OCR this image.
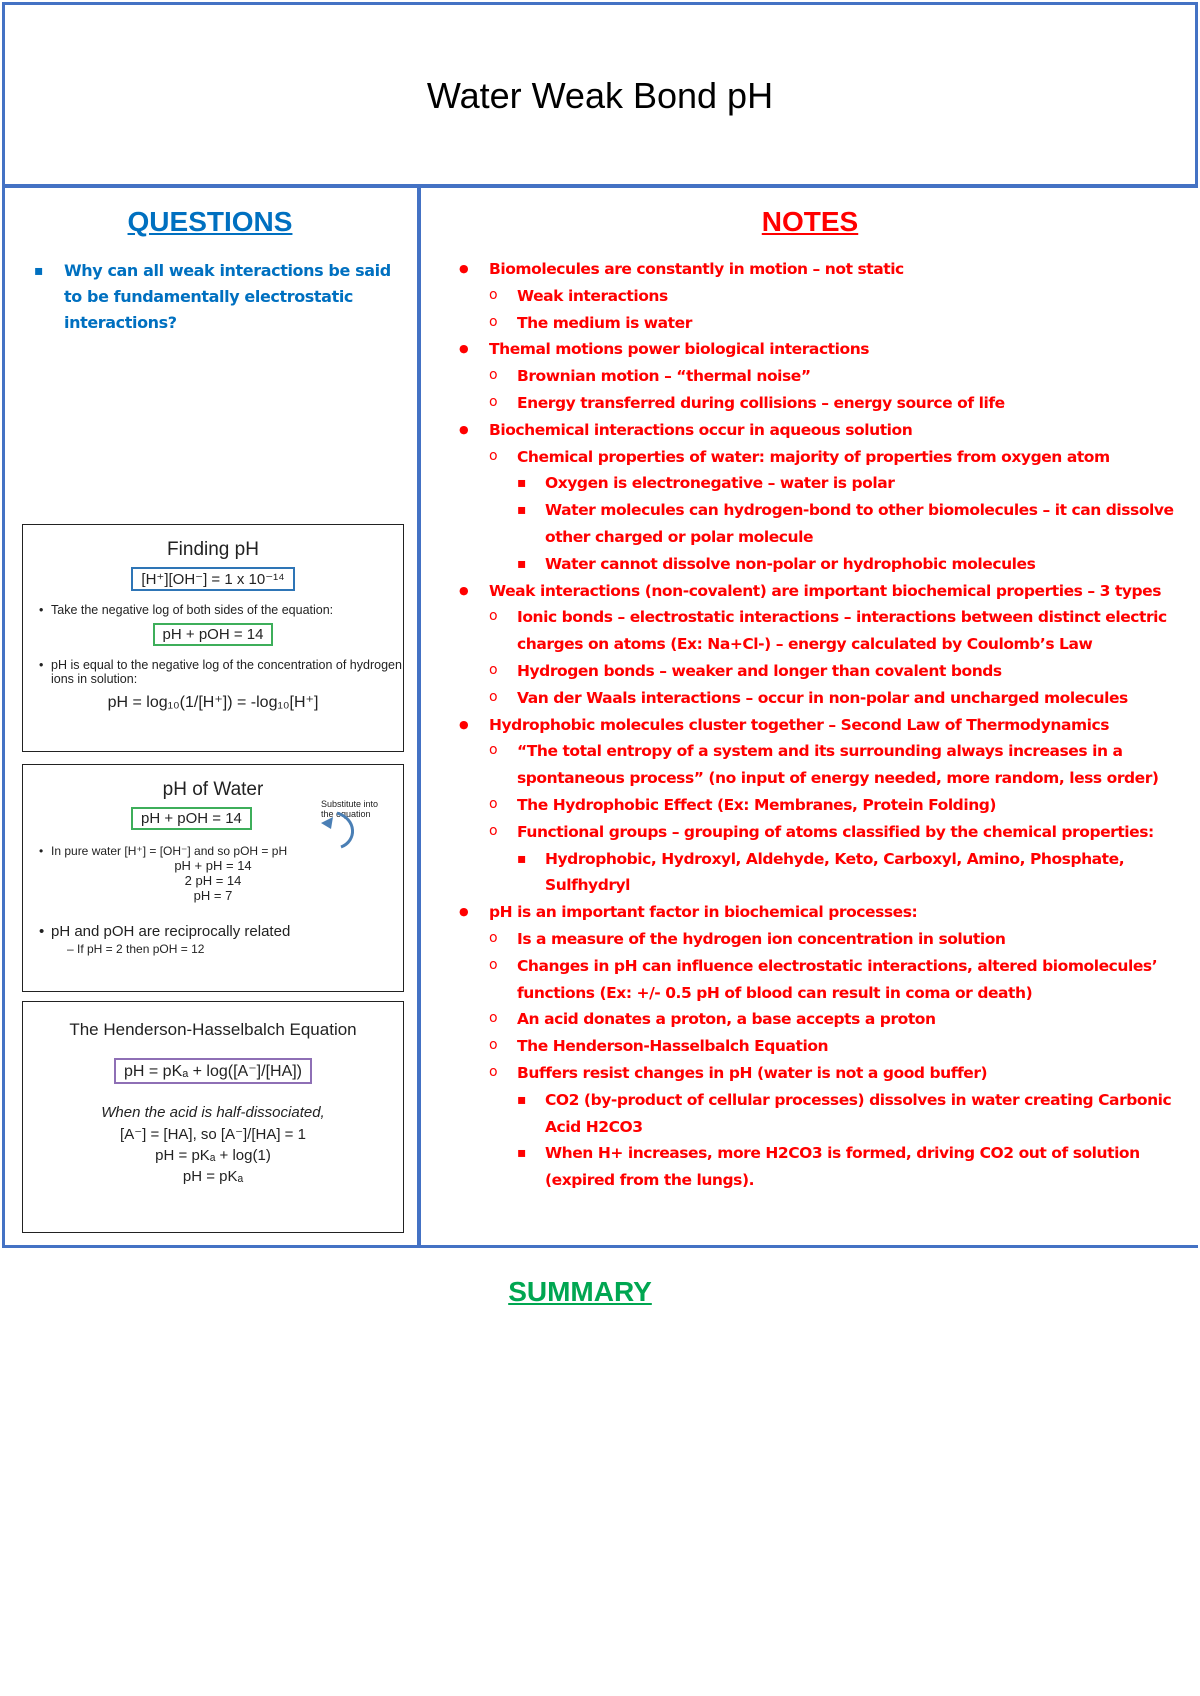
Water Weak Bond pH
QUESTIONS	NOTES
SUMMARY
▪ Why can all weak interactions be said to be fundamentally electrostatic interactions?
● Biomolecules are constantly in motion – not static
o Weak interactions
o The medium is water
● Themal motions power biological interactions
o Brownian motion – “thermal noise”
o Energy transferred during collisions – energy source of life
● Biochemical interactions occur in aqueous solution
o Chemical properties of water: majority of properties from oxygen atom
▪ Oxygen is electronegative – water is polar
▪ Water molecules can hydrogen-bond to other biomolecules – it can dissolve other charged or polar molecule
▪ Water cannot dissolve non-polar or hydrophobic molecules
● Weak interactions (non-covalent) are important biochemical properties – 3 types
o Ionic bonds – electrostatic interactions – interactions between distinct electric charges on atoms (Ex: Na+Cl-) – energy calculated by Coulomb’s Law
o Hydrogen bonds – weaker and longer than covalent bonds
o Van der Waals interactions – occur in non-polar and uncharged molecules
● Hydrophobic molecules cluster together – Second Law of Thermodynamics
o “The total entropy of a system and its surrounding always increases in a spontaneous process” (no input of energy needed, more random, less order)
o The Hydrophobic Effect (Ex: Membranes, Protein Folding)
o Functional groups – grouping of atoms classified by the chemical properties:
▪ Hydrophobic, Hydroxyl, Aldehyde, Keto, Carboxyl, Amino, Phosphate, Sulfhydryl
● pH is an important factor in biochemical processes:
o Is a measure of the hydrogen ion concentration in solution
o Changes in pH can influence electrostatic interactions, altered biomolecules’ functions (Ex: +/- 0.5 pH of blood can result in coma or death)
o An acid donates a proton, a base accepts a proton
o The Henderson-Hasselbalch Equation
o Buffers resist changes in pH (water is not a good buffer)
▪ CO2 (by-product of cellular processes) dissolves in water creating Carbonic Acid H2CO3
▪ When H+ increases, more H2CO3 is formed, driving CO2 out of solution (expired from the lungs).
Finding pH
[H⁺][OH⁻] = 1 x 10⁻¹⁴
• Take the negative log of both sides of the equation:
pH + pOH = 14
• pH is equal to the negative log of the concentration of hydrogen ions in solution:
pH = log₁₀(1/[H⁺]) = -log₁₀[H⁺]
pH of Water
pH + pOH = 14
Substitute into the equation
• In pure water [H⁺] = [OH⁻] and so pOH = pH
pH + pH = 14
2 pH = 14
pH = 7
• pH and pOH are reciprocally related
– If pH = 2 then pOH = 12
The Henderson-Hasselbalch Equation
pH = pKₐ + log([A⁻]/[HA])
When the acid is half-dissociated,
[A⁻] = [HA], so [A⁻]/[HA] = 1
pH = pKₐ + log(1)
pH = pKₐ
